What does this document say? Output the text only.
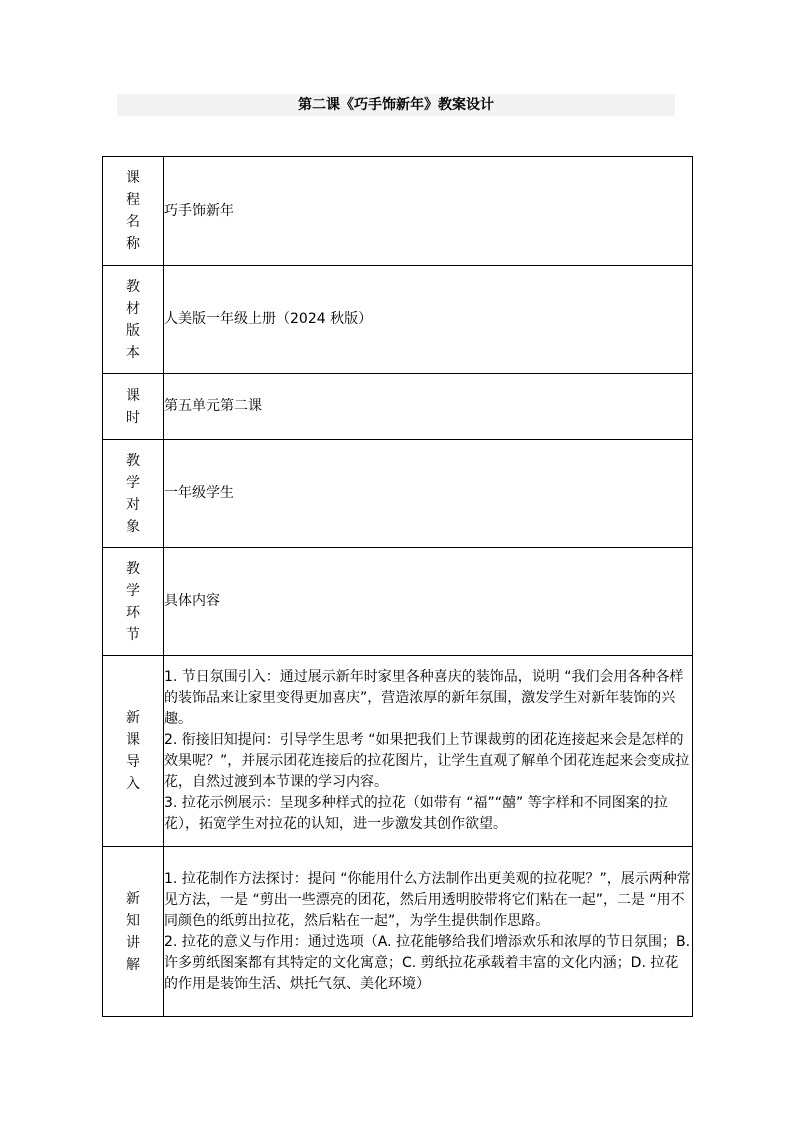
第二课《巧手饰新年》教案设计
课程名称	巧手饰新年

教材版本	人美版一年级上册（2024 秋版）

课时	第五单元第二课

教学对象	一年级学生

教学环节	具体内容

新课导入	1. 节日氛围引入：通过展示新年时家里各种喜庆的装饰品，说明 “我们会用各种各样的装饰品来让家里变得更加喜庆”，营造浓厚的新年氛围，激发学生对新年装饰的兴趣。
2. 衔接旧知提问：引导学生思考 “如果把我们上节课裁剪的团花连接起来会是怎样的效果呢？”，并展示团花连接后的拉花图片，让学生直观了解单个团花连起来会变成拉花，自然过渡到本节课的学习内容。
3. 拉花示例展示：呈现多种样式的拉花（如带有 “福”“囍” 等字样和不同图案的拉花），拓宽学生对拉花的认知，进一步激发其创作欲望。

新知讲解	1. 拉花制作方法探讨：提问 “你能用什么方法制作出更美观的拉花呢？”，展示两种常见方法，一是 “剪出一些漂亮的团花，然后用透明胶带将它们粘在一起”，二是 “用不同颜色的纸剪出拉花，然后粘在一起”，为学生提供制作思路。
2. 拉花的意义与作用：通过选项（A. 拉花能够给我们增添欢乐和浓厚的节日氛围；B. 许多剪纸图案都有其特定的文化寓意；C. 剪纸拉花承载着丰富的文化内涵；D. 拉花的作用是装饰生活、烘托气氛、美化环境）
